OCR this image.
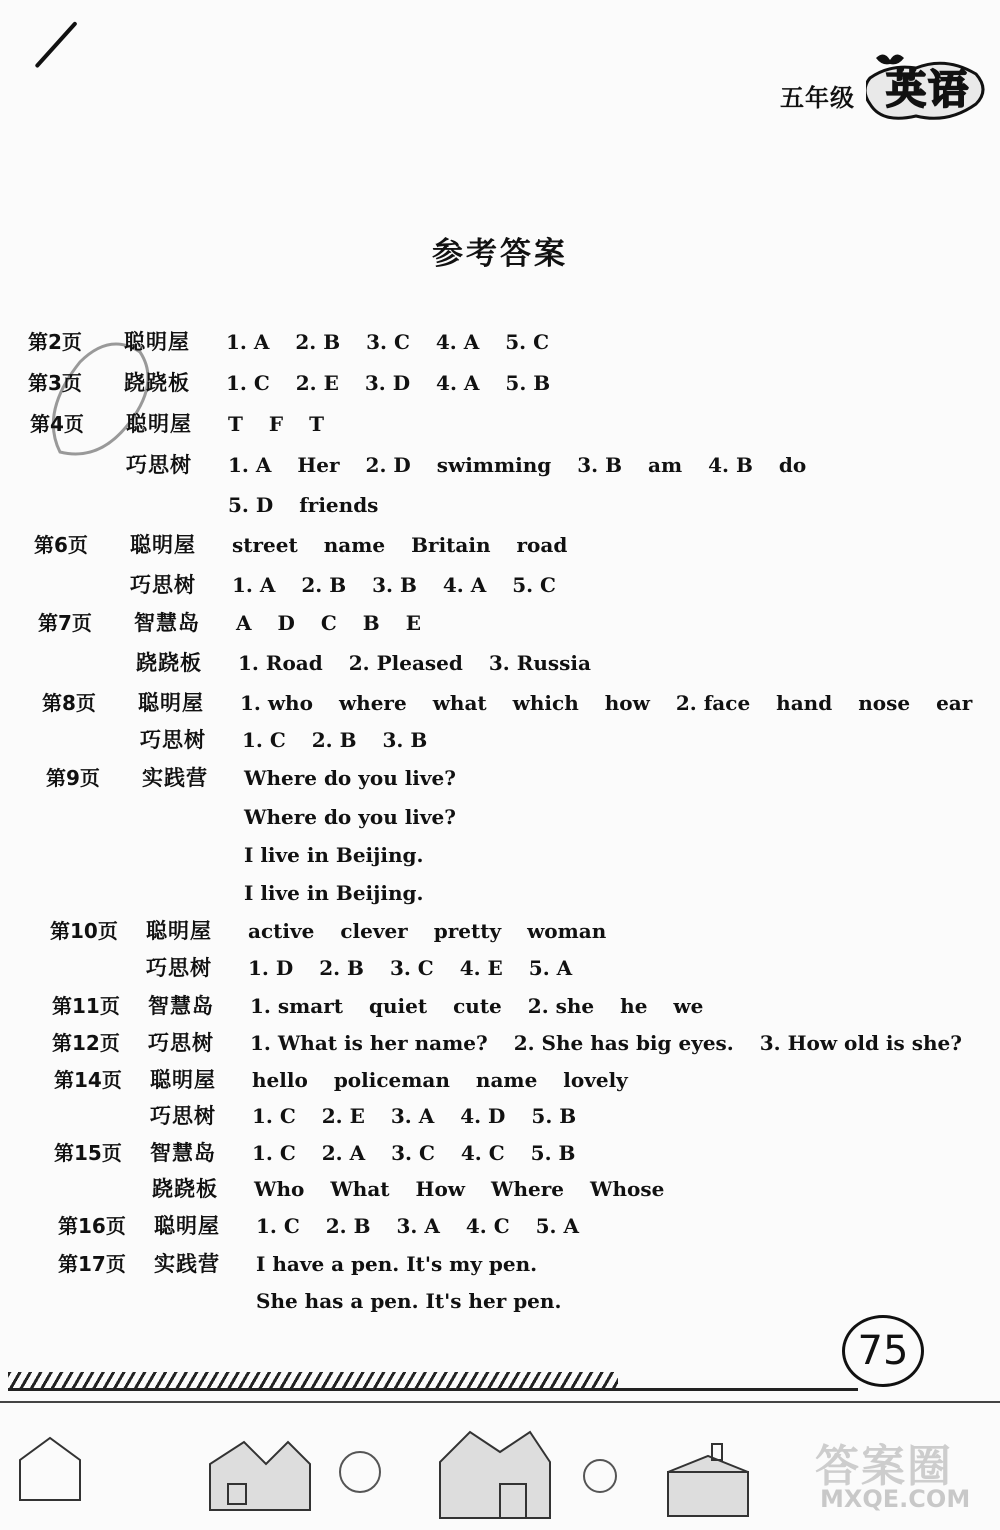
五年级 英语
参考答案
第2页 聪明屋 1. A 2. B 3. C 4. A 5. C
第3页 跷跷板 1. C 2. E 3. D 4. A 5. B
第4页 聪明屋 T F T
巧思树 1. A Her 2. D swimming 3. B am 4. B do
5. D friends
第6页 聪明屋 street name Britain road
巧思树 1. A 2. B 3. B 4. A 5. C
第7页 智慧岛 A D C B E
跷跷板 1. Road 2. Pleased 3. Russia
第8页 聪明屋 1. who where what which how 2. face hand nose ear
巧思树 1. C 2. B 3. B
第9页 实践营 Where do you live?
Where do you live?
I live in Beijing.
I live in Beijing.
第10页 聪明屋 active clever pretty woman
巧思树 1. D 2. B 3. C 4. E 5. A
第11页 智慧岛 1. smart quiet cute 2. she he we
第12页 巧思树 1. What is her name? 2. She has big eyes. 3. How old is she?
第14页 聪明屋 hello policeman name lovely
巧思树 1. C 2. E 3. A 4. D 5. B
第15页 智慧岛 1. C 2. A 3. C 4. C 5. B
跷跷板 Who What How Where Whose
第16页 聪明屋 1. C 2. B 3. A 4. C 5. A
第17页 实践营 I have a pen. It's my pen.
She has a pen. It's her pen.
75
答案圈
MXQE.COM
